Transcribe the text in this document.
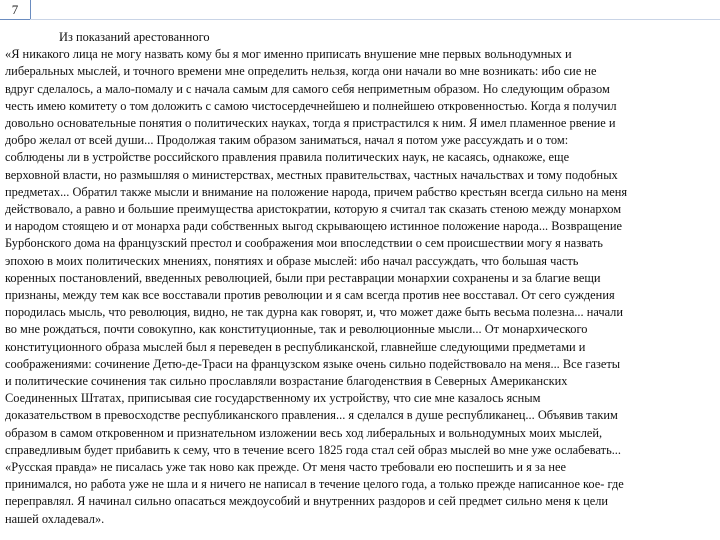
7
Из показаний арестованного
«Я никакого лица не могу назвать кому бы я мог именно приписать внушение мне первых вольнодумных и
либеральных мыслей, и точного времени мне определить нельзя, когда они начали во мне возникать: ибо сие не
вдруг сделалось, а мало-помалу и с начала самым для самого себя неприметным образом. Но следующим образом
честь имею комитету о том доложить с самою чистосердечнейшею и полнейшею откровенностью. Когда я получил
довольно основательные понятия о политических науках, тогда я пристрастился к ним. Я имел пламенное рвение и
добро желал от всей души... Продолжая таким образом заниматься, начал я потом уже рассуждать и о том:
соблюдены ли в устройстве российского правления правила политических наук, не касаясь, однакоже, еще
верховной власти, но размышляя о министерствах, местных правительствах, частных начальствах и тому подобных
предметах... Обратил также мысли и внимание на положение народа, причем рабство крестьян всегда сильно на меня
действовало, а равно и большие преимущества аристократии, которую я считал так сказать стеною между монархом
и народом стоящею и от монарха ради собственных выгод скрывающею истинное положение народа... Возвращение
Бурбонского дома на французский престол и соображения мои впоследствии о сем происшествии могу я назвать
эпохою в моих политических мнениях, понятиях и образе мыслей: ибо начал рассуждать, что большая часть
коренных постановлений, введенных революцией, были при реставрации монархии сохранены и за благие вещи
признаны, между тем как все восставали против революции и я сам всегда против нее восставал. От сего суждения
породилась мысль, что революция, видно, не так дурна как говорят, и, что может даже быть весьма полезна... начали
во мне рождаться, почти совокупно, как конституционные, так и революционные мысли... От монархического
конституционного образа мыслей был я переведен в республиканской, главнейше следующими предметами и
соображениями: сочинение Детю-де-Траси на французском языке очень сильно подействовало на меня... Все газеты
и политические сочинения так сильно прославляли возрастание благоденствия в Северных Американских
Соединенных Штатах, приписывая сие государственному их устройству, что сие мне казалось ясным
доказательством в превосходстве республиканского правления... я сделался в душе республиканец... Объявив таким
образом в самом откровенном и признательном изложении весь ход либеральных и вольнодумных моих мыслей,
справедливым будет прибавить к сему, что в течение всего 1825 года стал сей образ мыслей во мне уже ослабевать...
«Русская правда» не писалась уже так ново как прежде. От меня часто требовали ею поспешить и я за нее
принимался, но работа уже не шла и я ничего не написал в течение целого года, а только прежде написанное кое- где
переправлял. Я начинал сильно опасаться междоусобий и внутренних раздоров и сей предмет сильно меня к цели
нашей охладевал».
